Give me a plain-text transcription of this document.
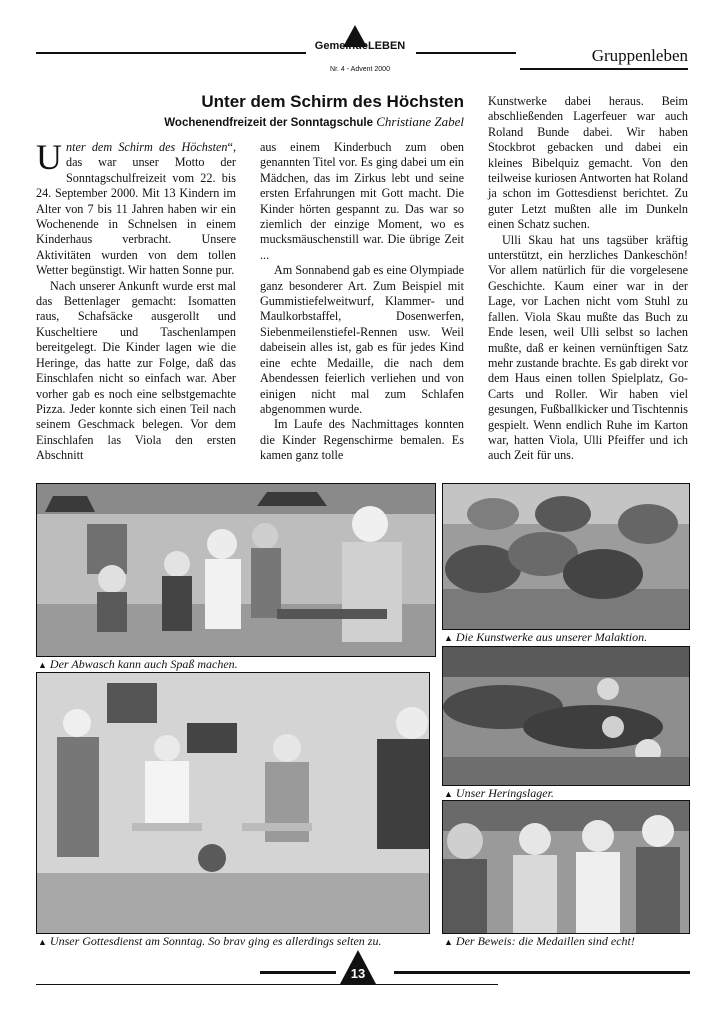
GemeindeLEBEN
Nr. 4 - Advent 2000
Gruppenleben
Unter dem Schirm des Höchsten
Wochenendfreizeit der Sonntagschule Christiane Zabel

Unter dem Schirm des Höchsten“, das war unser Motto der Sonntagschulfreizeit vom 22. bis 24. September 2000. Mit 13 Kindern im Alter von 7 bis 11 Jahren haben wir ein Wochenende in Schnelsen in einem Kinderhaus verbracht. Unsere Aktivitäten wurden von dem tollen Wetter begünstigt. Wir hatten Sonne pur.

Nach unserer Ankunft wurde erst mal das Bettenlager gemacht: Isomatten raus, Schafsäcke ausgerollt und Kuscheltiere und Taschenlampen bereitgelegt. Die Kinder lagen wie die Heringe, das hatte zur Folge, daß das Einschlafen nicht so einfach war. Aber vorher gab es noch eine selbstgemachte Pizza. Jeder konnte sich einen Teil nach seinem Geschmack belegen. Vor dem Einschlafen las Viola den ersten Abschnitt

aus einem Kinderbuch zum oben genannten Titel vor. Es ging dabei um ein Mädchen, das im Zirkus lebt und seine ersten Erfahrungen mit Gott macht. Die Kinder hörten gespannt zu. Das war so ziemlich der einzige Moment, wo es mucksmäuschenstill war. Die übrige Zeit ...

Am Sonnabend gab es eine Olympiade ganz besonderer Art. Zum Beispiel mit Gummistiefelweitwurf, Klammer- und Maulkorbstaffel, Dosenwerfen, Siebenmeilenstiefel-Rennen usw. Weil dabeisein alles ist, gab es für jedes Kind eine echte Medaille, die nach dem Abendessen feierlich verliehen und von einigen nicht mal zum Schlafen abgenommen wurde.

Im Laufe des Nachmittages konnten die Kinder Regenschirme bemalen. Es kamen ganz tolle

Kunstwerke dabei heraus. Beim abschließenden Lagerfeuer war auch Roland Bunde dabei. Wir haben Stockbrot gebacken und dabei ein kleines Bibelquiz gemacht. Von den teilweise kuriosen Antworten hat Roland ja schon im Gottesdienst berichtet. Zu guter Letzt mußten alle im Dunkeln einen Schatz suchen.

Ulli Skau hat uns tagsüber kräftig unterstützt, ein herzliches Dankeschön! Vor allem natürlich für die vorgelesene Geschichte. Kaum einer war in der Lage, vor Lachen nicht vom Stuhl zu fallen. Viola Skau mußte das Buch zu Ende lesen, weil Ulli selbst so lachen mußte, daß er keinen vernünftigen Satz mehr zustande brachte. Es gab direkt vor dem Haus einen tollen Spielplatz, Go-Carts und Roller. Wir haben viel gesungen, Fußballkicker und Tischtennis gespielt. Wenn endlich Ruhe im Karton war, hatten Viola, Ulli Pfeiffer und ich auch Zeit für uns.

▲ Der Abwasch kann auch Spaß machen.
▲ Die Kunstwerke aus unserer Malaktion.
▲ Unser Heringslager.
▲ Unser Gottesdienst am Sonntag. So brav ging es allerdings selten zu.	▲ Der Beweis: die Medaillen sind echt!
13
